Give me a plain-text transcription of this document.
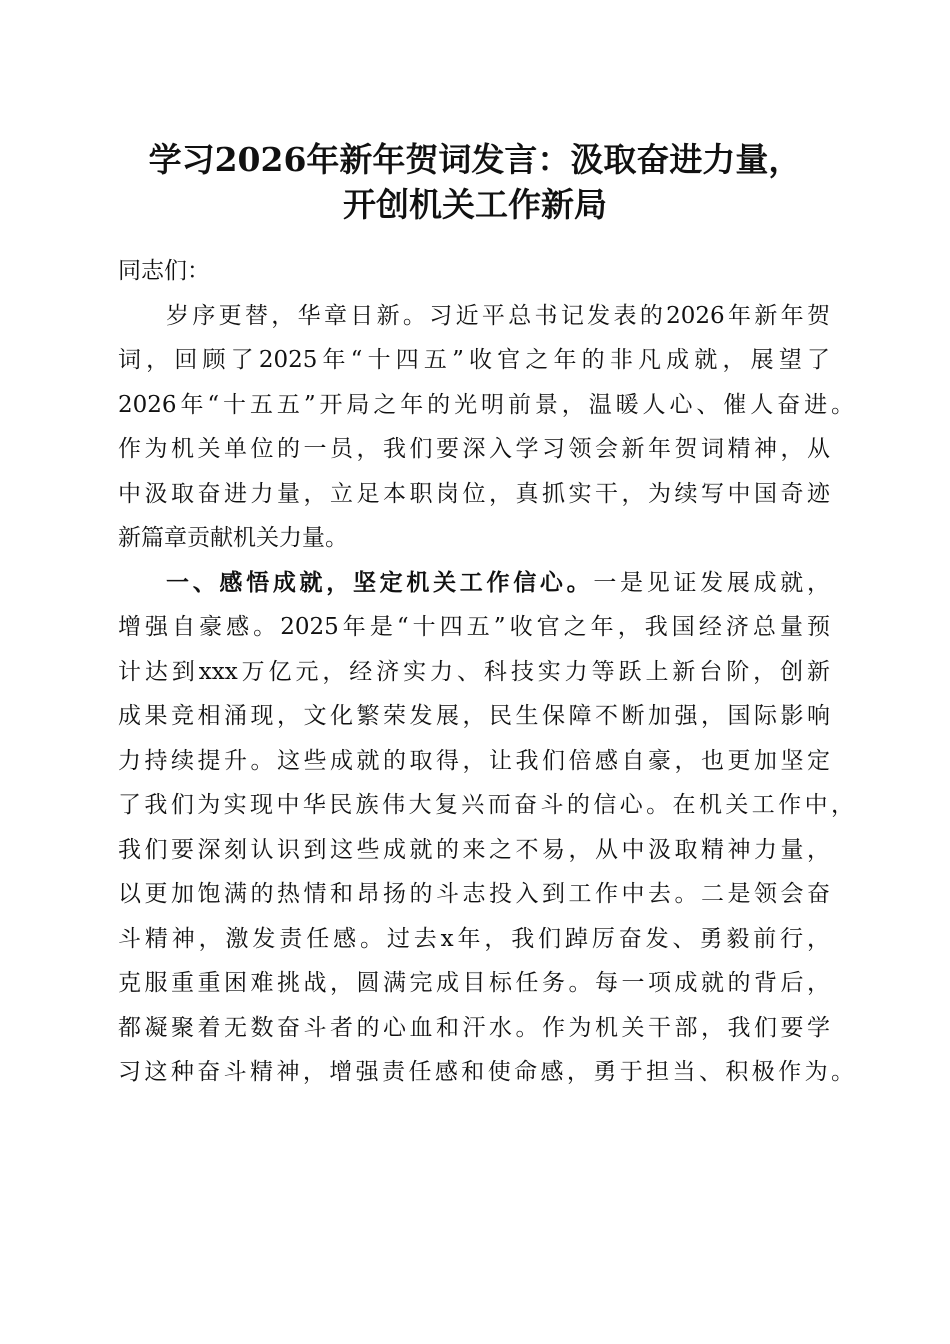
学习2026年新年贺词发言：汲取奋进力量，
开创机关工作新局
同志们：
岁序更替，华章日新。习近平总书记发表的2026年新年贺
词，回顾了2025年“十四五”收官之年的非凡成就，展望了
2026年“十五五”开局之年的光明前景，温暖人心、催人奋进。
作为机关单位的一员，我们要深入学习领会新年贺词精神，从
中汲取奋进力量，立足本职岗位，真抓实干，为续写中国奇迹
新篇章贡献机关力量。
一、感悟成就，坚定机关工作信心。一是见证发展成就，
增强自豪感。2025年是“十四五”收官之年，我国经济总量预
计达到xxx万亿元，经济实力、科技实力等跃上新台阶，创新
成果竞相涌现，文化繁荣发展，民生保障不断加强，国际影响
力持续提升。这些成就的取得，让我们倍感自豪，也更加坚定
了我们为实现中华民族伟大复兴而奋斗的信心。在机关工作中，
我们要深刻认识到这些成就的来之不易，从中汲取精神力量，
以更加饱满的热情和昂扬的斗志投入到工作中去。二是领会奋
斗精神，激发责任感。过去x年，我们踔厉奋发、勇毅前行，
克服重重困难挑战，圆满完成目标任务。每一项成就的背后，
都凝聚着无数奋斗者的心血和汗水。作为机关干部，我们要学
习这种奋斗精神，增强责任感和使命感，勇于担当、积极作为。
